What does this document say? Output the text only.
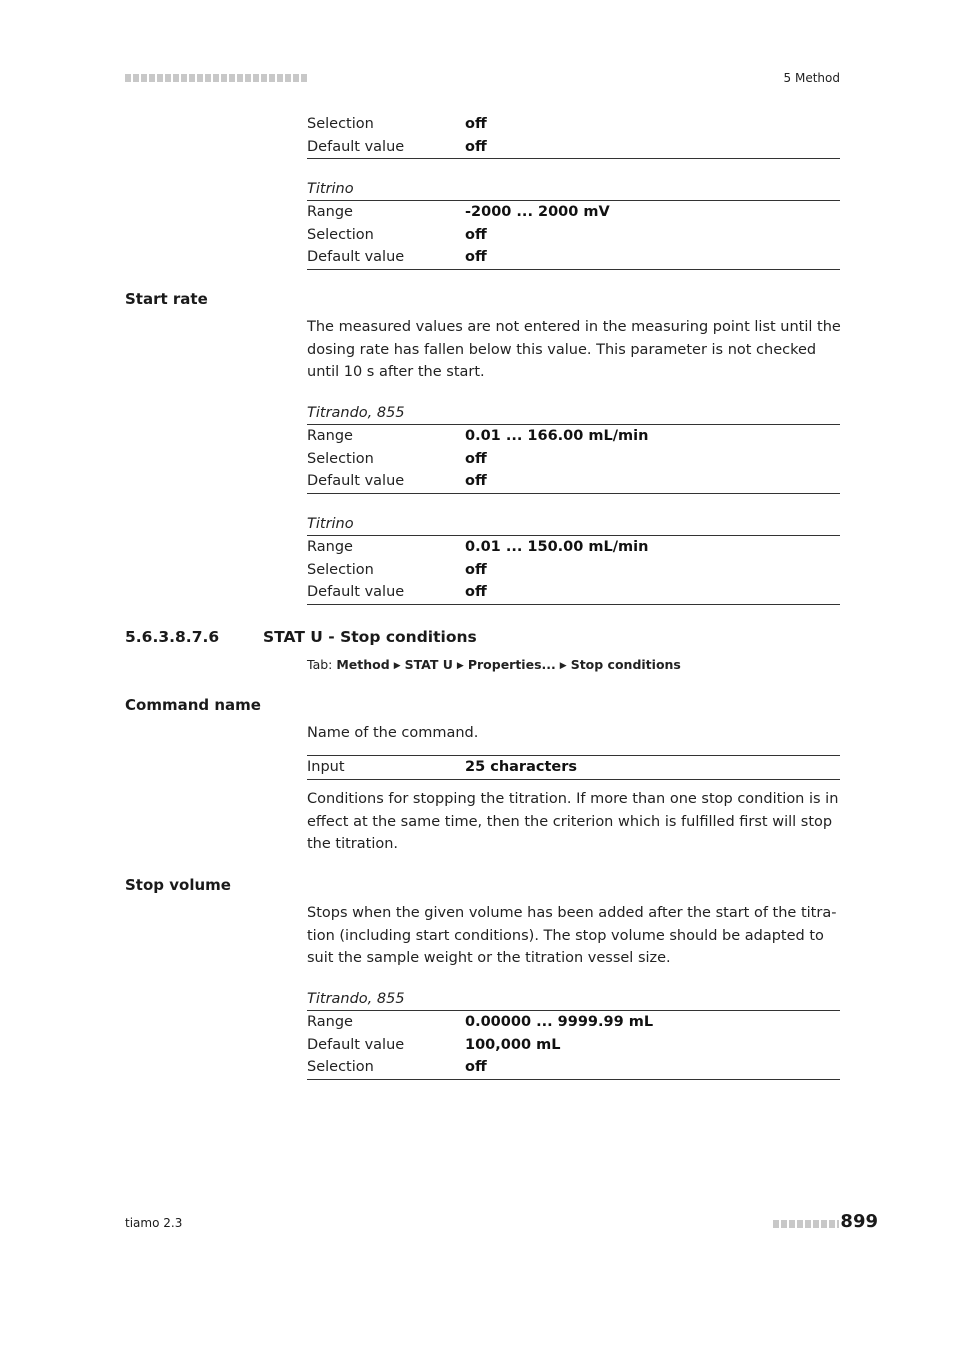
5 Method
Selection	off
Default value	off
Titrino
Range	-2000 ... 2000 mV
Selection	off
Default value	off
Start rate
The measured values are not entered in the measuring point list until the dosing rate has fallen below this value. This parameter is not checked until 10 s after the start.
Titrando, 855
Range	0.01 ... 166.00 mL/min
Selection	off
Default value	off
Titrino
Range	0.01 ... 150.00 mL/min
Selection	off
Default value	off
5.6.3.8.7.6	STAT U - Stop conditions
Tab: Method ▶ STAT U ▶ Properties... ▶ Stop conditions
Command name
Name of the command.
Input	25 characters
Conditions for stopping the titration. If more than one stop condition is in effect at the same time, then the criterion which is fulfilled first will stop the titration.
Stop volume
Stops when the given volume has been added after the start of the titra-tion (including start conditions). The stop volume should be adapted to suit the sample weight or the titration vessel size.
Titrando, 855
Range	0.00000 ... 9999.99 mL
Default value	100,000 mL
Selection	off
tiamo 2.3	899
